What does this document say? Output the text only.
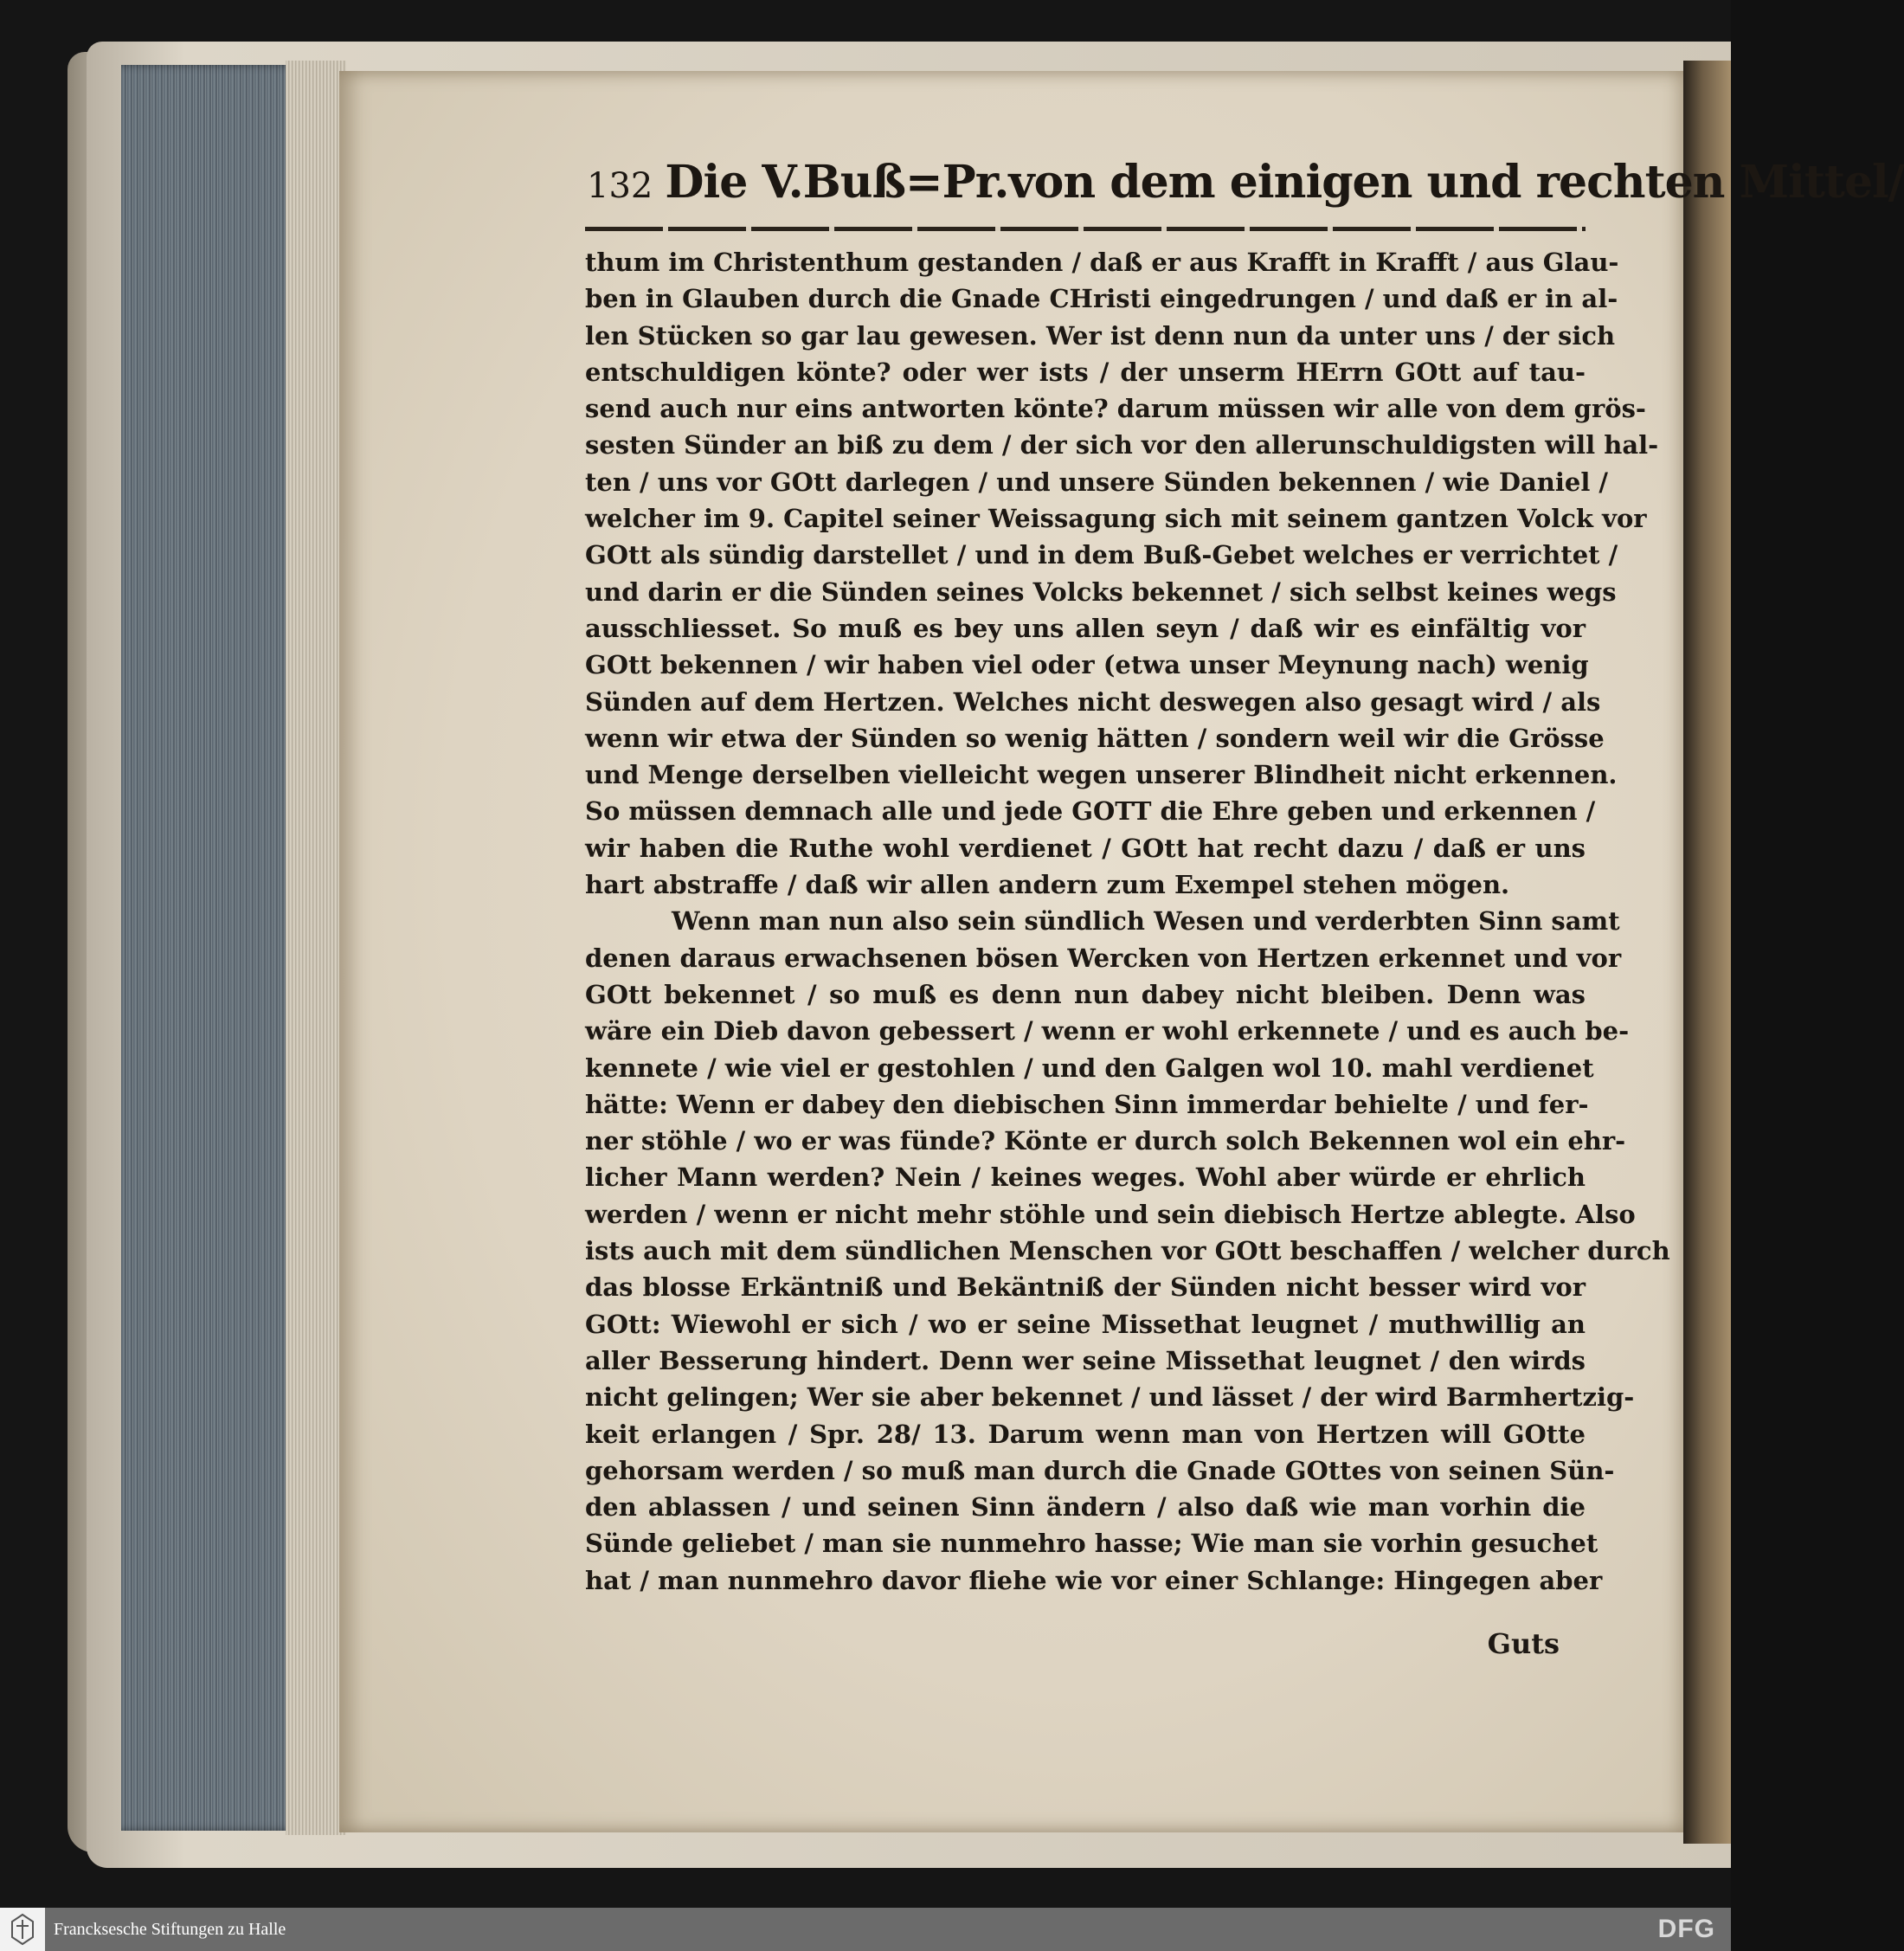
132 Die V.Buß=Pr.von dem einigen und rechten Mittel/
thum im Christenthum gestanden / daß er aus Krafft in Krafft / aus Glau-
ben in Glauben durch die Gnade CHristi eingedrungen / und daß er in al-
len Stücken so gar lau gewesen. Wer ist denn nun da unter uns / der sich
entschuldigen könte? oder wer ists / der unserm HErrn GOtt auf tau-
send auch nur eins antworten könte? darum müssen wir alle von dem grös-
sesten Sünder an biß zu dem / der sich vor den allerunschuldigsten will hal-
ten / uns vor GOtt darlegen / und unsere Sünden bekennen / wie Daniel /
welcher im 9. Capitel seiner Weissagung sich mit seinem gantzen Volck vor
GOtt als sündig darstellet / und in dem Buß-Gebet welches er verrichtet /
und darin er die Sünden seines Volcks bekennet / sich selbst keines wegs
ausschliesset. So muß es bey uns allen seyn / daß wir es einfältig vor
GOtt bekennen / wir haben viel oder (etwa unser Meynung nach) wenig
Sünden auf dem Hertzen. Welches nicht deswegen also gesagt wird / als
wenn wir etwa der Sünden so wenig hätten / sondern weil wir die Grösse
und Menge derselben vielleicht wegen unserer Blindheit nicht erkennen.
So müssen demnach alle und jede GOTT die Ehre geben und erkennen /
wir haben die Ruthe wohl verdienet / GOtt hat recht dazu / daß er uns
hart abstraffe / daß wir allen andern zum Exempel stehen mögen.
Wenn man nun also sein sündlich Wesen und verderbten Sinn samt
denen daraus erwachsenen bösen Wercken von Hertzen erkennet und vor
GOtt bekennet / so muß es denn nun dabey nicht bleiben. Denn was
wäre ein Dieb davon gebessert / wenn er wohl erkennete / und es auch be-
kennete / wie viel er gestohlen / und den Galgen wol 10. mahl verdienet
hätte: Wenn er dabey den diebischen Sinn immerdar behielte / und fer-
ner stöhle / wo er was fünde? Könte er durch solch Bekennen wol ein ehr-
licher Mann werden? Nein / keines weges. Wohl aber würde er ehrlich
werden / wenn er nicht mehr stöhle und sein diebisch Hertze ablegte. Also
ists auch mit dem sündlichen Menschen vor GOtt beschaffen / welcher durch
das blosse Erkäntniß und Bekäntniß der Sünden nicht besser wird vor
GOtt: Wiewohl er sich / wo er seine Missethat leugnet / muthwillig an
aller Besserung hindert. Denn wer seine Missethat leugnet / den wirds
nicht gelingen; Wer sie aber bekennet / und lässet / der wird Barmhertzig-
keit erlangen / Spr. 28/ 13. Darum wenn man von Hertzen will GOtte
gehorsam werden / so muß man durch die Gnade GOttes von seinen Sün-
den ablassen / und seinen Sinn ändern / also daß wie man vorhin die
Sünde geliebet / man sie nunmehro hasse; Wie man sie vorhin gesuchet
hat / man nunmehro davor fliehe wie vor einer Schlange: Hingegen aber
Guts
Francksesche Stiftungen zu Halle	DFG
